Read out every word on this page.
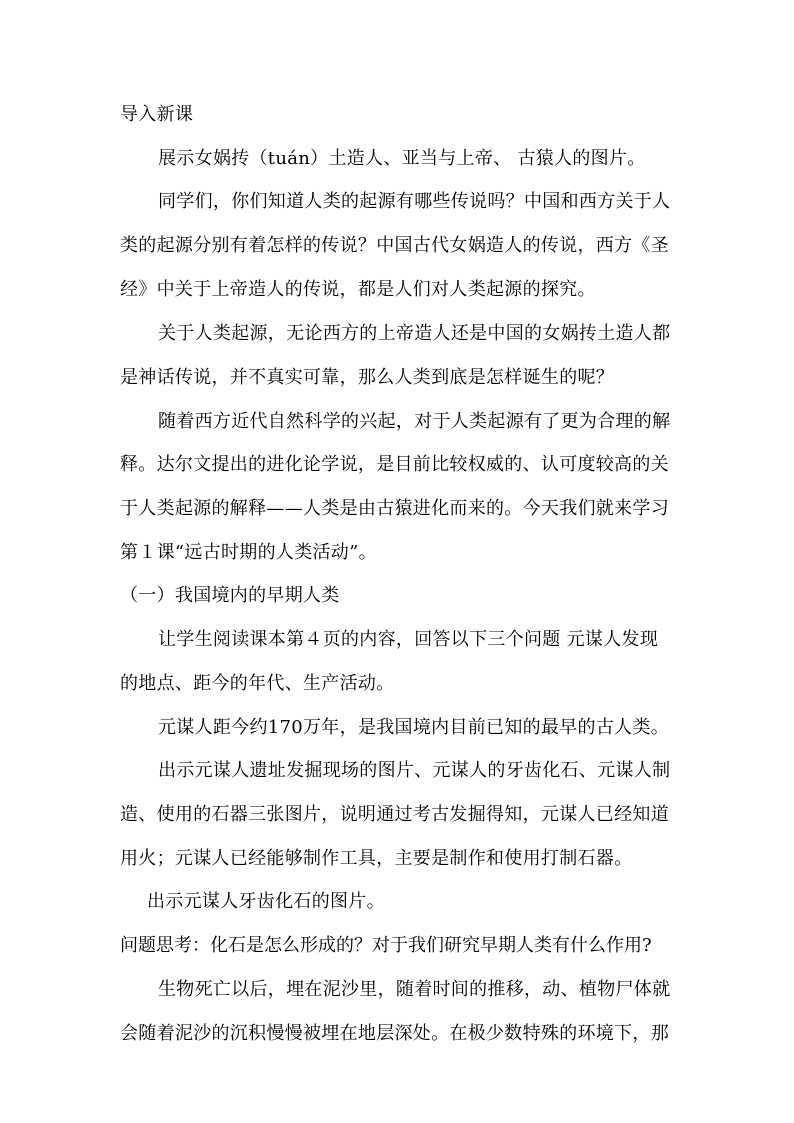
导入新课
展示女娲抟（tuán）土造人、亚当与上帝、 古猿人的图片。
同学们，你们知道人类的起源有哪些传说吗？中国和西方关于人
类的起源分别有着怎样的传说？中国古代女娲造人的传说，西方《圣
经》中关于上帝造人的传说，都是人们对人类起源的探究。
关于人类起源，无论西方的上帝造人还是中国的女娲抟土造人都
是神话传说，并不真实可靠，那么人类到底是怎样诞生的呢？
随着西方近代自然科学的兴起，对于人类起源有了更为合理的解
释。达尔文提出的进化论学说，是目前比较权威的、认可度较高的关
于人类起源的解释——人类是由古猿进化而来的。今天我们就来学习
第１课“远古时期的人类活动”。
（一）我国境内的早期人类
让学生阅读课本第４页的内容，回答以下三个问题 元谋人发现
的地点、距今的年代、生产活动。
元谋人距今约170万年，是我国境内目前已知的最早的古人类。
出示元谋人遗址发掘现场的图片、元谋人的牙齿化石、元谋人制
造、使用的石器三张图片，说明通过考古发掘得知，元谋人已经知道
用火；元谋人已经能够制作工具，主要是制作和使用打制石器。
出示元谋人牙齿化石的图片。
问题思考：化石是怎么形成的？对于我们研究早期人类有什么作用?
生物死亡以后，埋在泥沙里，随着时间的推移，动、植物尸体就
会随着泥沙的沉积慢慢被埋在地层深处。在极少数特殊的环境下，那
